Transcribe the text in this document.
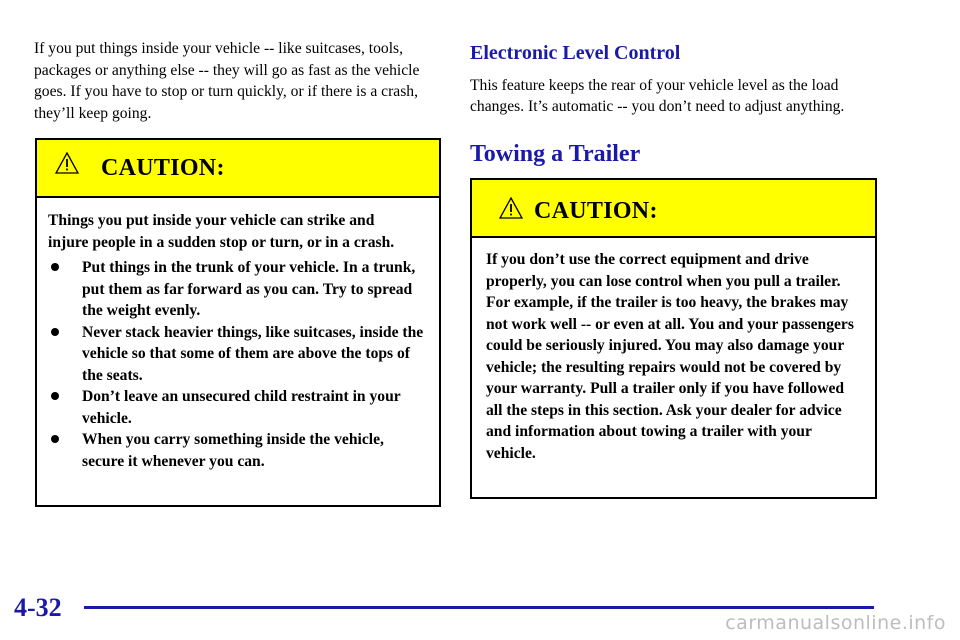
If you put things inside your vehicle -- like suitcases, tools, packages or anything else -- they will go as fast as the vehicle goes. If you have to stop or turn quickly, or if there is a crash, they’ll keep going.

CAUTION:

Things you put inside your vehicle can strike and injure people in a sudden stop or turn, or in a crash.

Put things in the trunk of your vehicle. In a trunk, put them as far forward as you can. Try to spread the weight evenly.
Never stack heavier things, like suitcases, inside the vehicle so that some of them are above the tops of the seats.
Don’t leave an unsecured child restraint in your vehicle.
When you carry something inside the vehicle, secure it whenever you can.
Electronic Level Control

This feature keeps the rear of your vehicle level as the load changes. It’s automatic -- you don’t need to adjust anything.

Towing a Trailer
CAUTION:

If you don’t use the correct equipment and drive properly, you can lose control when you pull a trailer. For example, if the trailer is too heavy, the brakes may not work well -- or even at all. You and your passengers could be seriously injured. You may also damage your vehicle; the resulting repairs would not be covered by your warranty. Pull a trailer only if you have followed all the steps in this section. Ask your dealer for advice and information about towing a trailer with your vehicle.

4-32
carmanualsonline.info
